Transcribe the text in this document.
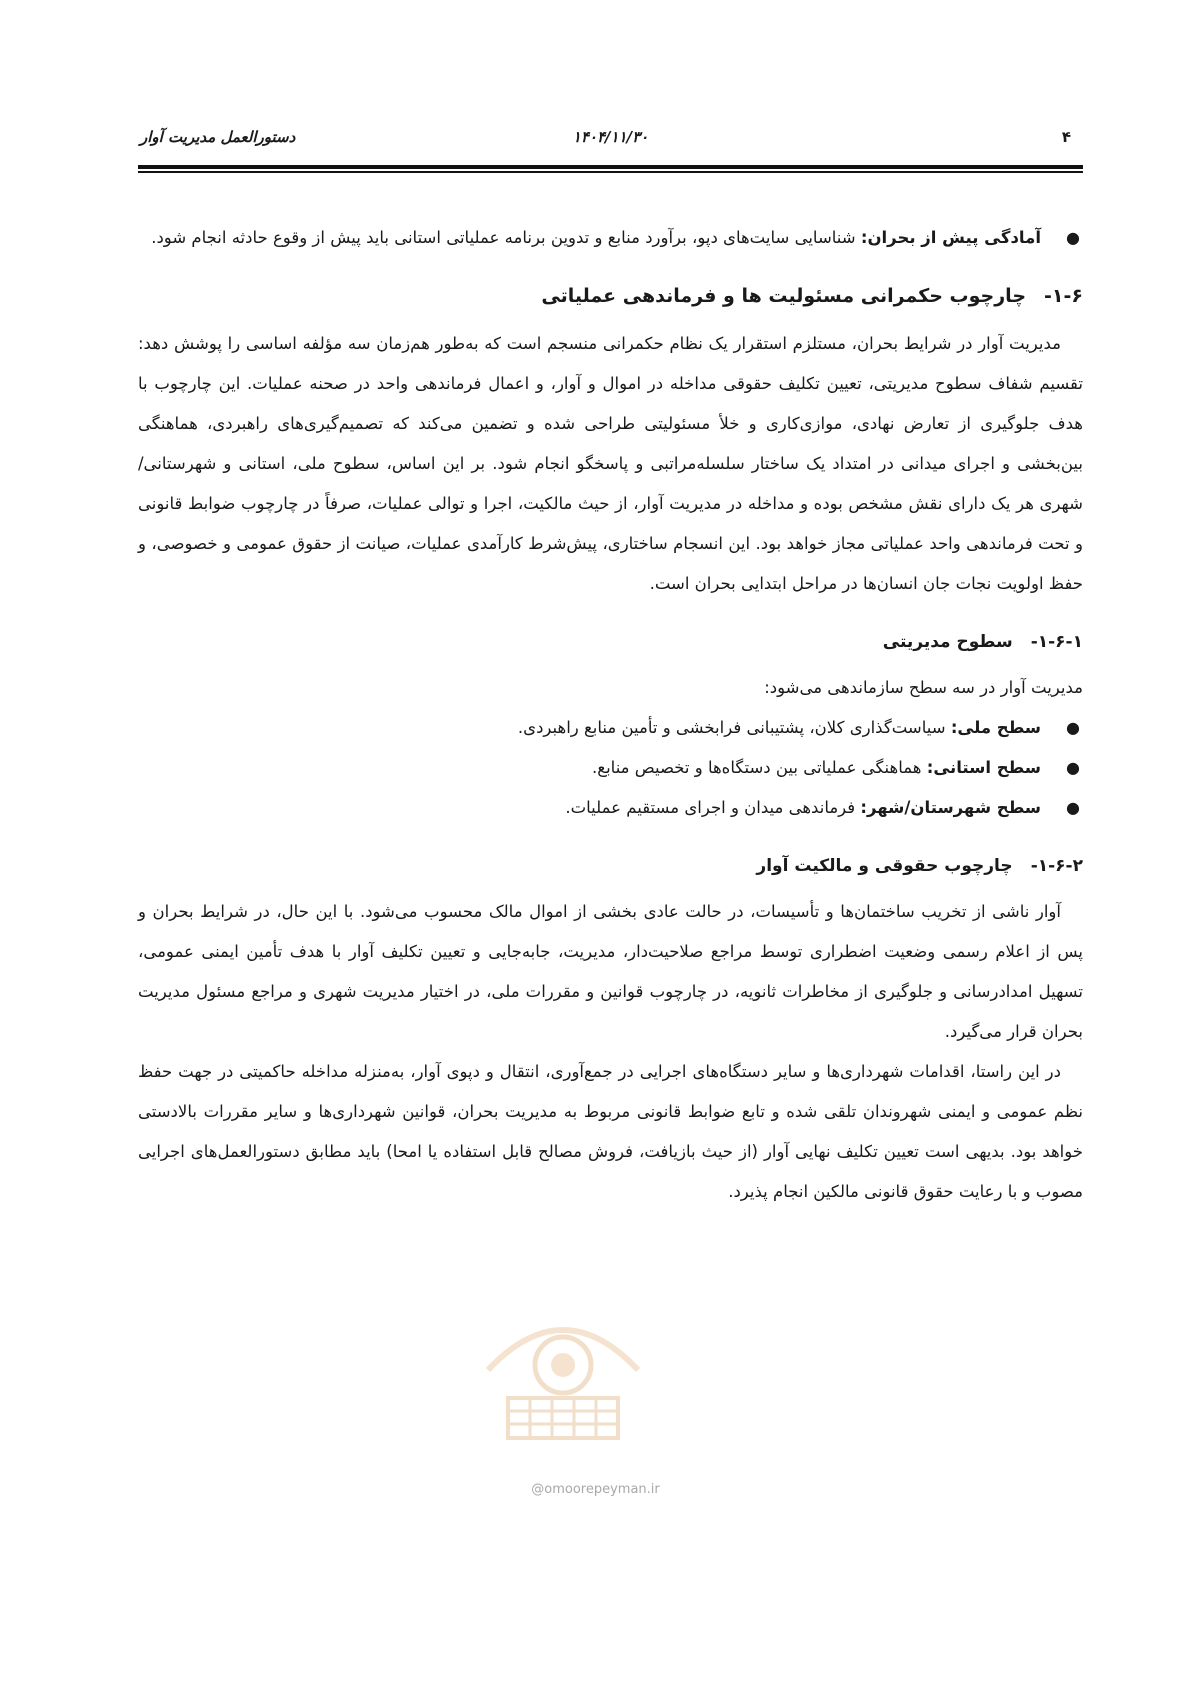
۴
۱۴۰۴/۱۱/۳۰
دستورالعمل مدیریت آوار

●
آمادگی پیش از بحران: شناسایی سایت‌های دپو، برآورد منابع و تدوین برنامه عملیاتی استانی باید پیش از وقوع حادثه انجام شود.

۱-۶-چارچوب حکمرانی مسئولیت ها و فرماندهی عملیاتی

مدیریت آوار در شرایط بحران، مستلزم استقرار یک نظام حکمرانی منسجم است که به‌طور هم‌زمان سه مؤلفه اساسی را پوشش دهد: تقسیم شفاف سطوح مدیریتی، تعیین تکلیف حقوقی مداخله در اموال و آوار، و اعمال فرماندهی واحد در صحنه عملیات. این چارچوب با هدف جلوگیری از تعارض نهادی، موازی‌کاری و خلأ مسئولیتی طراحی شده و تضمین می‌کند که تصمیم‌گیری‌های راهبردی، هماهنگی بین‌بخشی و اجرای میدانی در امتداد یک ساختار سلسله‌مراتبی و پاسخگو انجام شود. بر این اساس، سطوح ملی، استانی و شهرستانی/شهری هر یک دارای نقش مشخص بوده و مداخله در مدیریت آوار، از حیث مالکیت، اجرا و توالی عملیات، صرفاً در چارچوب ضوابط قانونی و تحت فرماندهی واحد عملیاتی مجاز خواهد بود. این انسجام ساختاری، پیش‌شرط کارآمدی عملیات، صیانت از حقوق عمومی و خصوصی، و حفظ اولویت نجات جان انسان‌ها در مراحل ابتدایی بحران است.

۱-۶-۱-سطوح مدیریتی

مدیریت آوار در سه سطح سازماندهی می‌شود:

●
سطح ملی: سیاست‌گذاری کلان، پشتیبانی فرابخشی و تأمین منابع راهبردی.

●
سطح استانی: هماهنگی عملیاتی بین دستگاه‌ها و تخصیص منابع.

●
سطح شهرستان/شهر: فرماندهی میدان و اجرای مستقیم عملیات.

۱-۶-۲-چارچوب حقوقی و مالکیت آوار

آوار ناشی از تخریب ساختمان‌ها و تأسیسات، در حالت عادی بخشی از اموال مالک محسوب می‌شود. با این حال، در شرایط بحران و پس از اعلام رسمی وضعیت اضطراری توسط مراجع صلاحیت‌دار، مدیریت، جابه‌جایی و تعیین تکلیف آوار با هدف تأمین ایمنی عمومی، تسهیل امدادرسانی و جلوگیری از مخاطرات ثانویه، در چارچوب قوانین و مقررات ملی، در اختیار مدیریت شهری و مراجع مسئول مدیریت بحران قرار می‌گیرد.

در این راستا، اقدامات شهرداری‌ها و سایر دستگاه‌های اجرایی در جمع‌آوری، انتقال و دپوی آوار، به‌منزله مداخله حاکمیتی در جهت حفظ نظم عمومی و ایمنی شهروندان تلقی شده و تابع ضوابط قانونی مربوط به مدیریت بحران، قوانین شهرداری‌ها و سایر مقررات بالادستی خواهد بود. بدیهی است تعیین تکلیف نهایی آوار (از حیث بازیافت، فروش مصالح قابل استفاده یا امحا) باید مطابق دستورالعمل‌های اجرایی مصوب و با رعایت حقوق قانونی مالکین انجام پذیرد.

@omoorepeyman.ir
